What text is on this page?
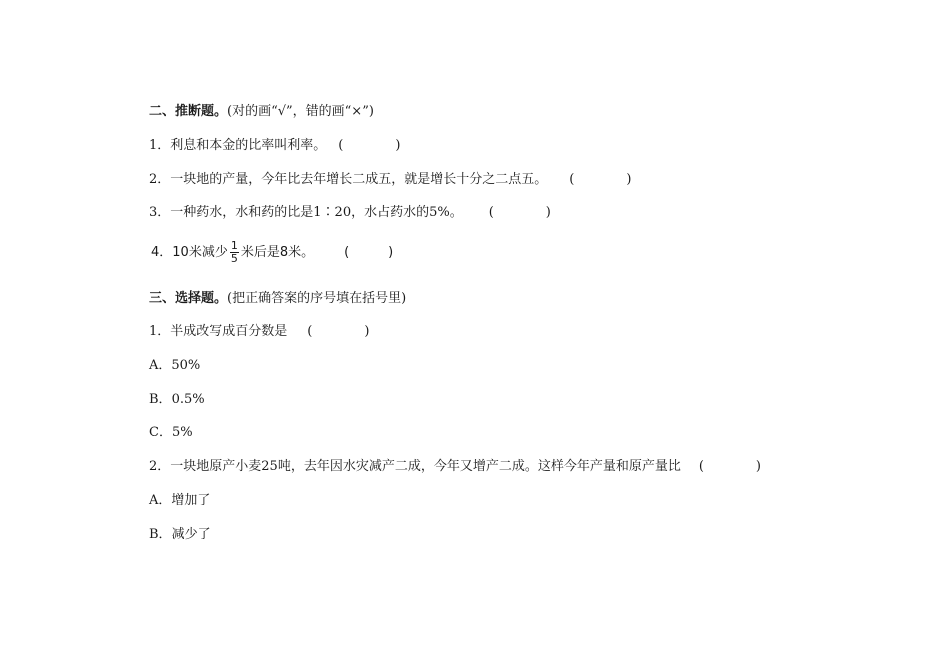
二、推断题。(对的画“√”，错的画“×”)
1．利息和本金的比率叫利率。 (　　　　)
2．一块地的产量，今年比去年增长二成五，就是增长十分之二点五。 (　　　　)
3．一种药水，水和药的比是1∶20，水占药水的5%。 (　　　　)
4．10米减少 $\frac{1}{5}$ 米后是8米。 (　　　)
三、选择题。(把正确答案的序号填在括号里)
1．半成改写成百分数是 (　　　　)
A．50%
B．0.5%
C．5%
2．一块地原产小麦25吨，去年因水灾减产二成，今年又增产二成。这样今年产量和原产量比 (　　　　)
A．增加了
B．减少了
